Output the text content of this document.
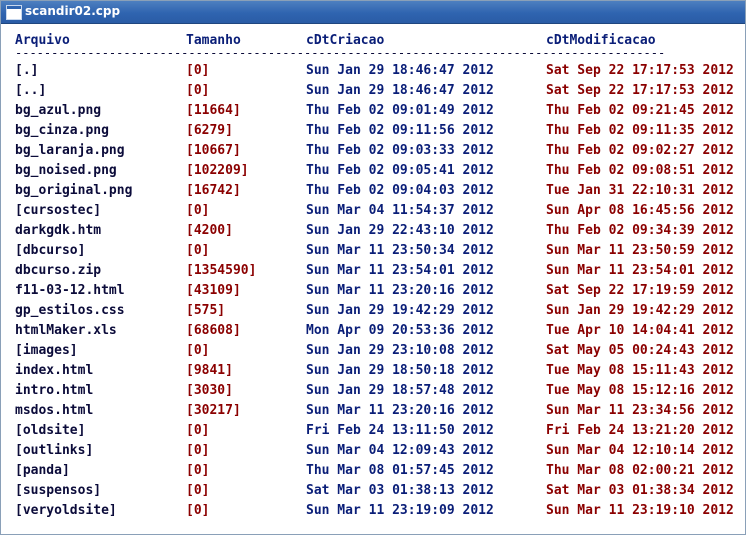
scandir02.cpp
Arquivo	Tamanho	cDtCriacao	cDtModificacao
-----
[.]	[0]	Sun Jan 29 18:46:47 2012	Sat Sep 22 17:17:53 2012
[..]	[0]	Sun Jan 29 18:46:47 2012	Sat Sep 22 17:17:53 2012
bg_azul.png	[11664]	Thu Feb 02 09:01:49 2012	Thu Feb 02 09:21:45 2012
bg_cinza.png	[6279]	Thu Feb 02 09:11:56 2012	Thu Feb 02 09:11:35 2012
bg_laranja.png	[10667]	Thu Feb 02 09:03:33 2012	Thu Feb 02 09:02:27 2012
bg_noised.png	[102209]	Thu Feb 02 09:05:41 2012	Thu Feb 02 09:08:51 2012
bg_original.png	[16742]	Thu Feb 02 09:04:03 2012	Tue Jan 31 22:10:31 2012
[cursostec]	[0]	Sun Mar 04 11:54:37 2012	Sun Apr 08 16:45:56 2012
darkgdk.htm	[4200]	Sun Jan 29 22:43:10 2012	Thu Feb 02 09:34:39 2012
[dbcurso]	[0]	Sun Mar 11 23:50:34 2012	Sun Mar 11 23:50:59 2012
dbcurso.zip	[1354590]	Sun Mar 11 23:54:01 2012	Sun Mar 11 23:54:01 2012
f11-03-12.html	[43109]	Sun Mar 11 23:20:16 2012	Sat Sep 22 17:19:59 2012
gp_estilos.css	[575]	Sun Jan 29 19:42:29 2012	Sun Jan 29 19:42:29 2012
htmlMaker.xls	[68608]	Mon Apr 09 20:53:36 2012	Tue Apr 10 14:04:41 2012
[images]	[0]	Sun Jan 29 23:10:08 2012	Sat May 05 00:24:43 2012
index.html	[9841]	Sun Jan 29 18:50:18 2012	Tue May 08 15:11:43 2012
intro.html	[3030]	Sun Jan 29 18:57:48 2012	Tue May 08 15:12:16 2012
msdos.html	[30217]	Sun Mar 11 23:20:16 2012	Sun Mar 11 23:34:56 2012
[oldsite]	[0]	Fri Feb 24 13:11:50 2012	Fri Feb 24 13:21:20 2012
[outlinks]	[0]	Sun Mar 04 12:09:43 2012	Sun Mar 04 12:10:14 2012
[panda]	[0]	Thu Mar 08 01:57:45 2012	Thu Mar 08 02:00:21 2012
[suspensos]	[0]	Sat Mar 03 01:38:13 2012	Sat Mar 03 01:38:34 2012
[veryoldsite]	[0]	Sun Mar 11 23:19:09 2012	Sun Mar 11 23:19:10 2012
